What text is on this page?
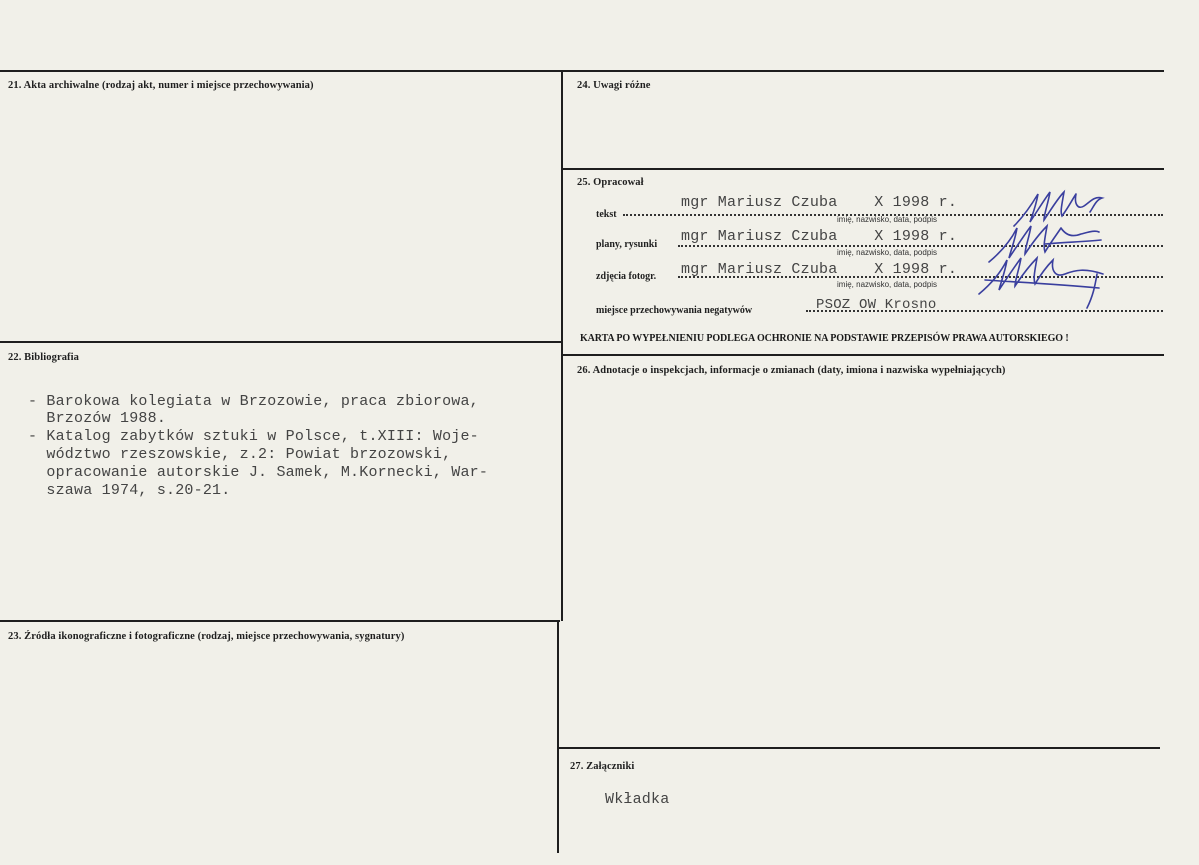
21. Akta archiwalne (rodzaj akt, numer i miejsce przechowywania)
22. Bibliografia
- Barokowa kolegiata w Brzozowie, praca zbiorowa,
Brzozów 1988.
- Katalog zabytków sztuki w Polsce, t.XIII: Woje-
wództwo rzeszowskie, z.2: Powiat brzozowski,
opracowanie autorskie J. Samek, M.Kornecki, War-
szawa 1974, s.20-21.
23. Źródła ikonograficzne i fotograficzne (rodzaj, miejsce przechowywania, sygnatury)
24. Uwagi różne
25. Opracował
tekst
mgr Mariusz Czuba    X 1998 r.
imię, nazwisko, data, podpis
plany, rysunki mgr Mariusz Czuba    X 1998 r.
imię, nazwisko, data, podpis
zdjęcia fotogr. mgr Mariusz Czuba    X 1998 r.
imię, nazwisko, data, podpis
miejsce przechowywania negatywów	PSOZ OW Krosno
KARTA PO WYPEŁNIENIU PODLEGA OCHRONIE NA PODSTAWIE PRZEPISÓW PRAWA AUTORSKIEGO !
26. Adnotacje o inspekcjach, informacje o zmianach (daty, imiona i nazwiska wypełniających)
27. Załączniki
Wkładka
